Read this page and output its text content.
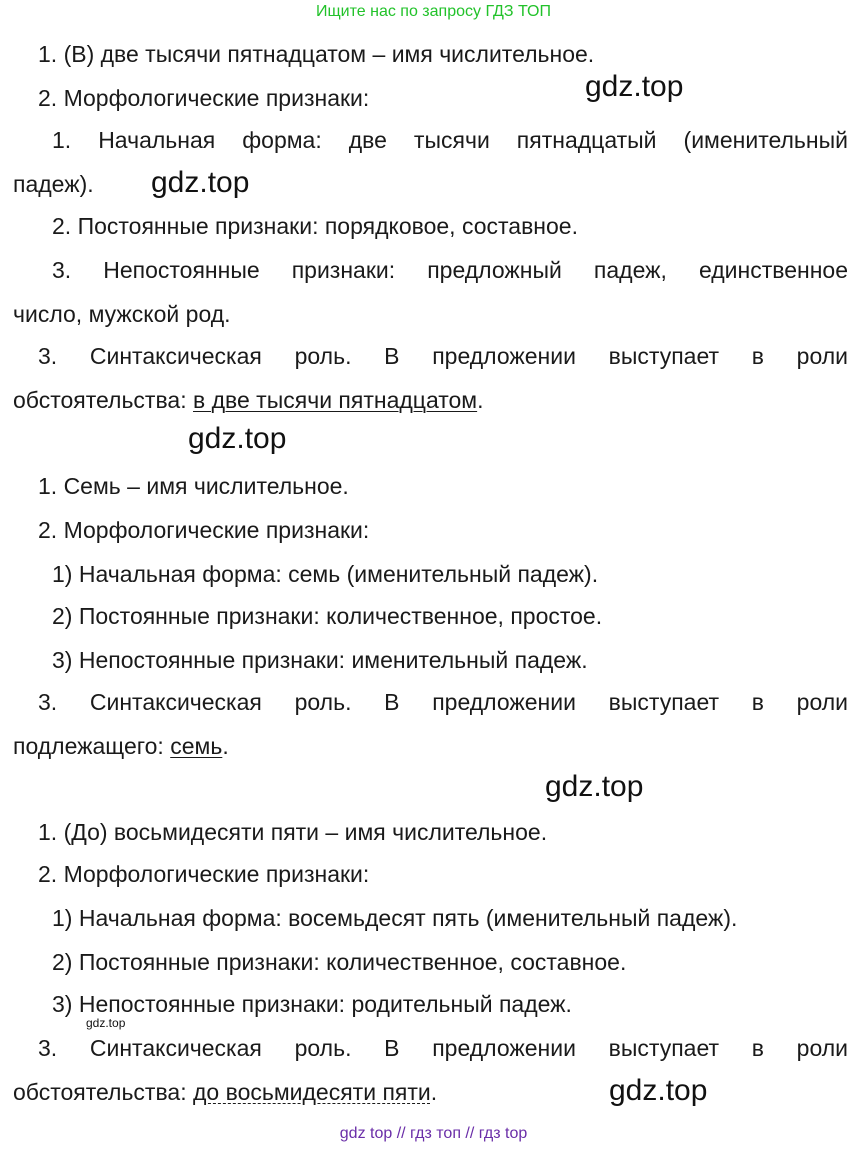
Ищите нас по запросу ГДЗ ТОП
gdz.top
gdz.top
gdz.top
gdz.top
gdz.top
gdz.top
1. (В) две тысячи пятнадцатом – имя числительное.
2. Морфологические признаки:
1. Начальная форма: две тысячи пятнадцатый (именительный
падеж).
2. Постоянные признаки: порядковое, составное.
3. Непостоянные признаки: предложный падеж, единственное
число, мужской род.
3. Синтаксическая роль. В предложении выступает в роли
обстоятельства: в две тысячи пятнадцатом.
1. Семь – имя числительное.
2. Морфологические признаки:
1) Начальная форма: семь (именительный падеж).
2) Постоянные признаки: количественное, простое.
3) Непостоянные признаки: именительный падеж.
3. Синтаксическая роль. В предложении выступает в роли
подлежащего: семь.
1. (До) восьмидесяти пяти – имя числительное.
2. Морфологические признаки:
1) Начальная форма: восемьдесят пять (именительный падеж).
2) Постоянные признаки: количественное, составное.
3) Непостоянные признаки: родительный падеж.
3. Синтаксическая роль. В предложении выступает в роли
обстоятельства: до восьмидесяти пяти.
gdz top // гдз топ // гдз top
